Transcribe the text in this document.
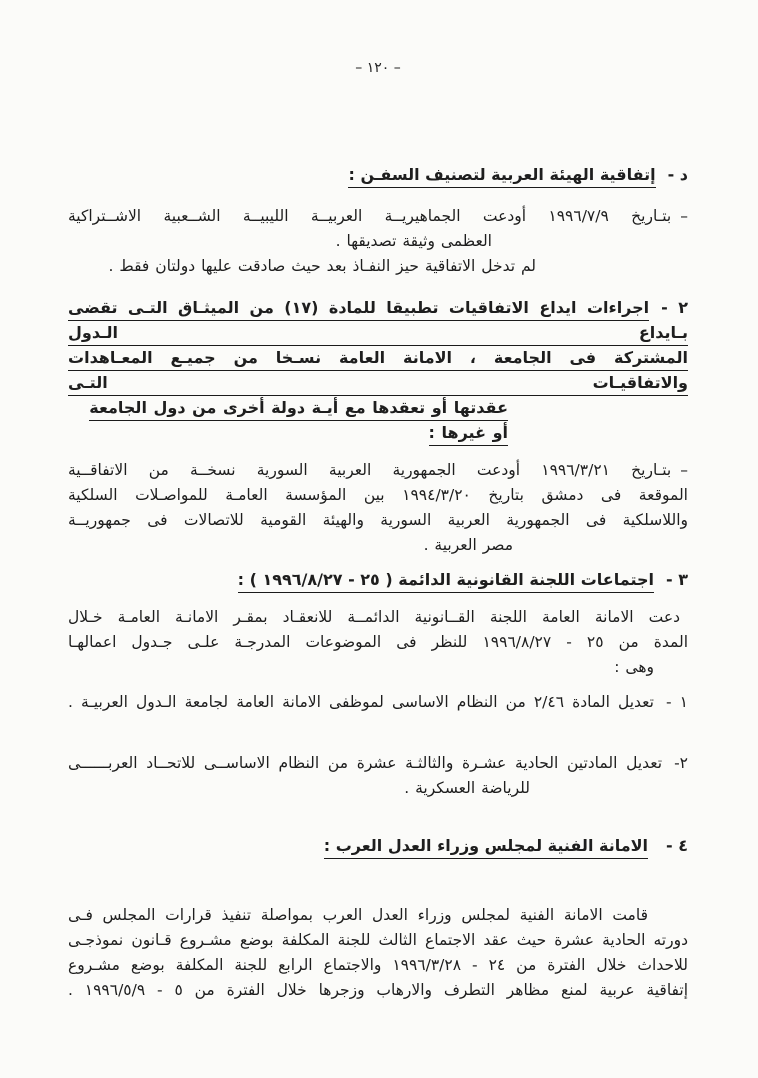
– ١٢٠ –
د -إتفاقية الهيئة العربية لتصنيف السفـن :
–بتـاريخ ١٩٩٦/٧/٩ أودعت الجماهيريــة العربيــة الليبيــة الشــعبية الاشــتراكية
العظمى وثيقة تصديقها .
لم تدخل الاتفاقية حيز النفـاذ بعد حيث صادقت عليها دولتان فقط .
٢ -اجراءات ايداع الاتفاقيات تطبيقا للمادة (١٧) من الميثـاق التـى تقضى بـايداع الـدول
المشتركة فى الجامعة ، الامانة العامة نسـخا من جميـع المعـاهدات والاتفاقيـات التـى
عقدتها أو تعقدها مع أيـة دولة أخرى من دول الجامعة أو غيرها :
–بتـاريخ ١٩٩٦/٣/٢١ أودعت الجمهورية العربية السورية نسخــة من الاتفاقــية
الموقعة فى دمشق بتاريخ ١٩٩٤/٣/٢٠ بين المؤسسة العامـة للمواصـلات السلكية
واللاسلكية فى الجمهورية العربية السورية والهيئة القومية للاتصالات فى جمهوريــة
مصر العربية .
٣ -اجتماعات اللجنة القانونية الدائمة ( ٢٥ - ١٩٩٦/٨/٢٧ ) :
دعت الامانة العامة اللجنة القــانونية الدائمــة للانعقـاد بمقـر الامانـة العامـة خـلال
المدة من ٢٥ - ١٩٩٦/٨/٢٧ للنظر فى الموضوعات المدرجـة علـى جـدول اعمالهـا
وهى :
١ -تعديل المادة ٢/٤٦ من النظام الاساسى لموظفى الامانة العامة لجامعة الـدول العربيـة .
٢-تعديل المادتين الحادية عشـرة والثالثـة عشرة من النظام الاساســى للاتحــاد العربــــــى
للرياضة العسكرية .
٤ -الامانة الفنية لمجلس وزراء العدل العرب :
قامت الامانة الفنية لمجلس وزراء العدل العرب بمواصلة تنفيذ قرارات المجلس فـى
دورته الحادية عشرة حيث عقد الاجتماع الثالث للجنة المكلفة بوضع مشـروع قـانون نموذجـى
للاحداث خلال الفترة من ٢٤ - ١٩٩٦/٣/٢٨ والاجتماع الرابع للجنة المكلفة بوضع مشـروع
إتفاقية عربية لمنع مظاهر التطرف والارهاب وزجرها خلال الفترة من ٥ - ١٩٩٦/٥/٩ .
